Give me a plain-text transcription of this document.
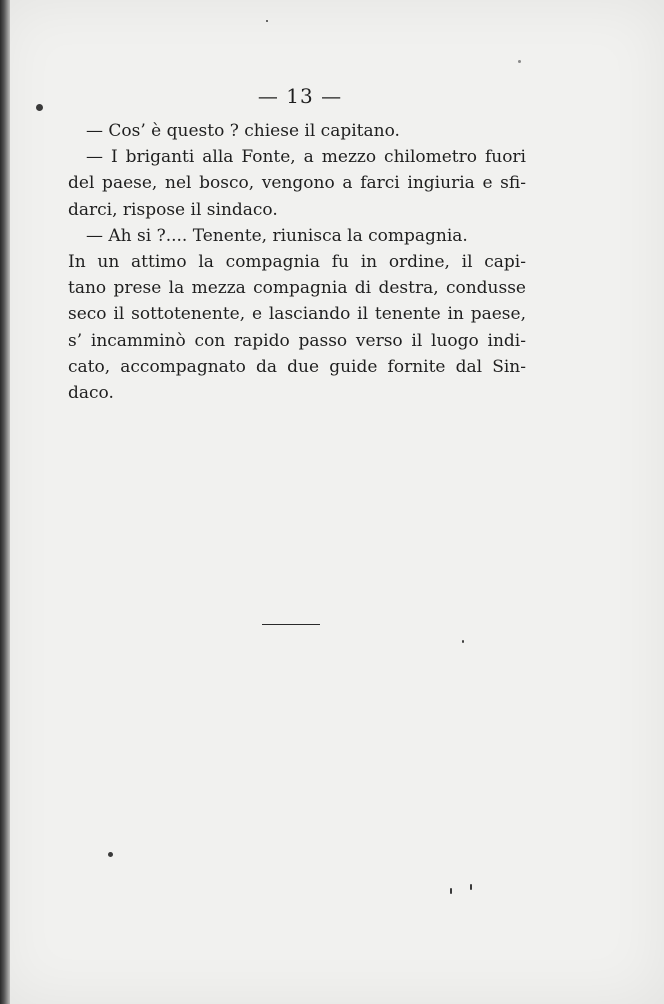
— 13 —
— Cos’ è questo ? chiese il capitano.
— I briganti alla Fonte, a mezzo chilometro fuori
del paese, nel bosco, vengono a farci ingiuria e sfi-
darci, rispose il sindaco.
— Ah si ?.... Tenente, riunisca la compagnia.
In un attimo la compagnia fu in ordine, il capi-
tano prese la mezza compagnia di destra, condusse
seco il sottotenente, e lasciando il tenente in paese,
s’ incamminò con rapido passo verso il luogo indi-
cato, accompagnato da due guide fornite dal Sin-
daco.
